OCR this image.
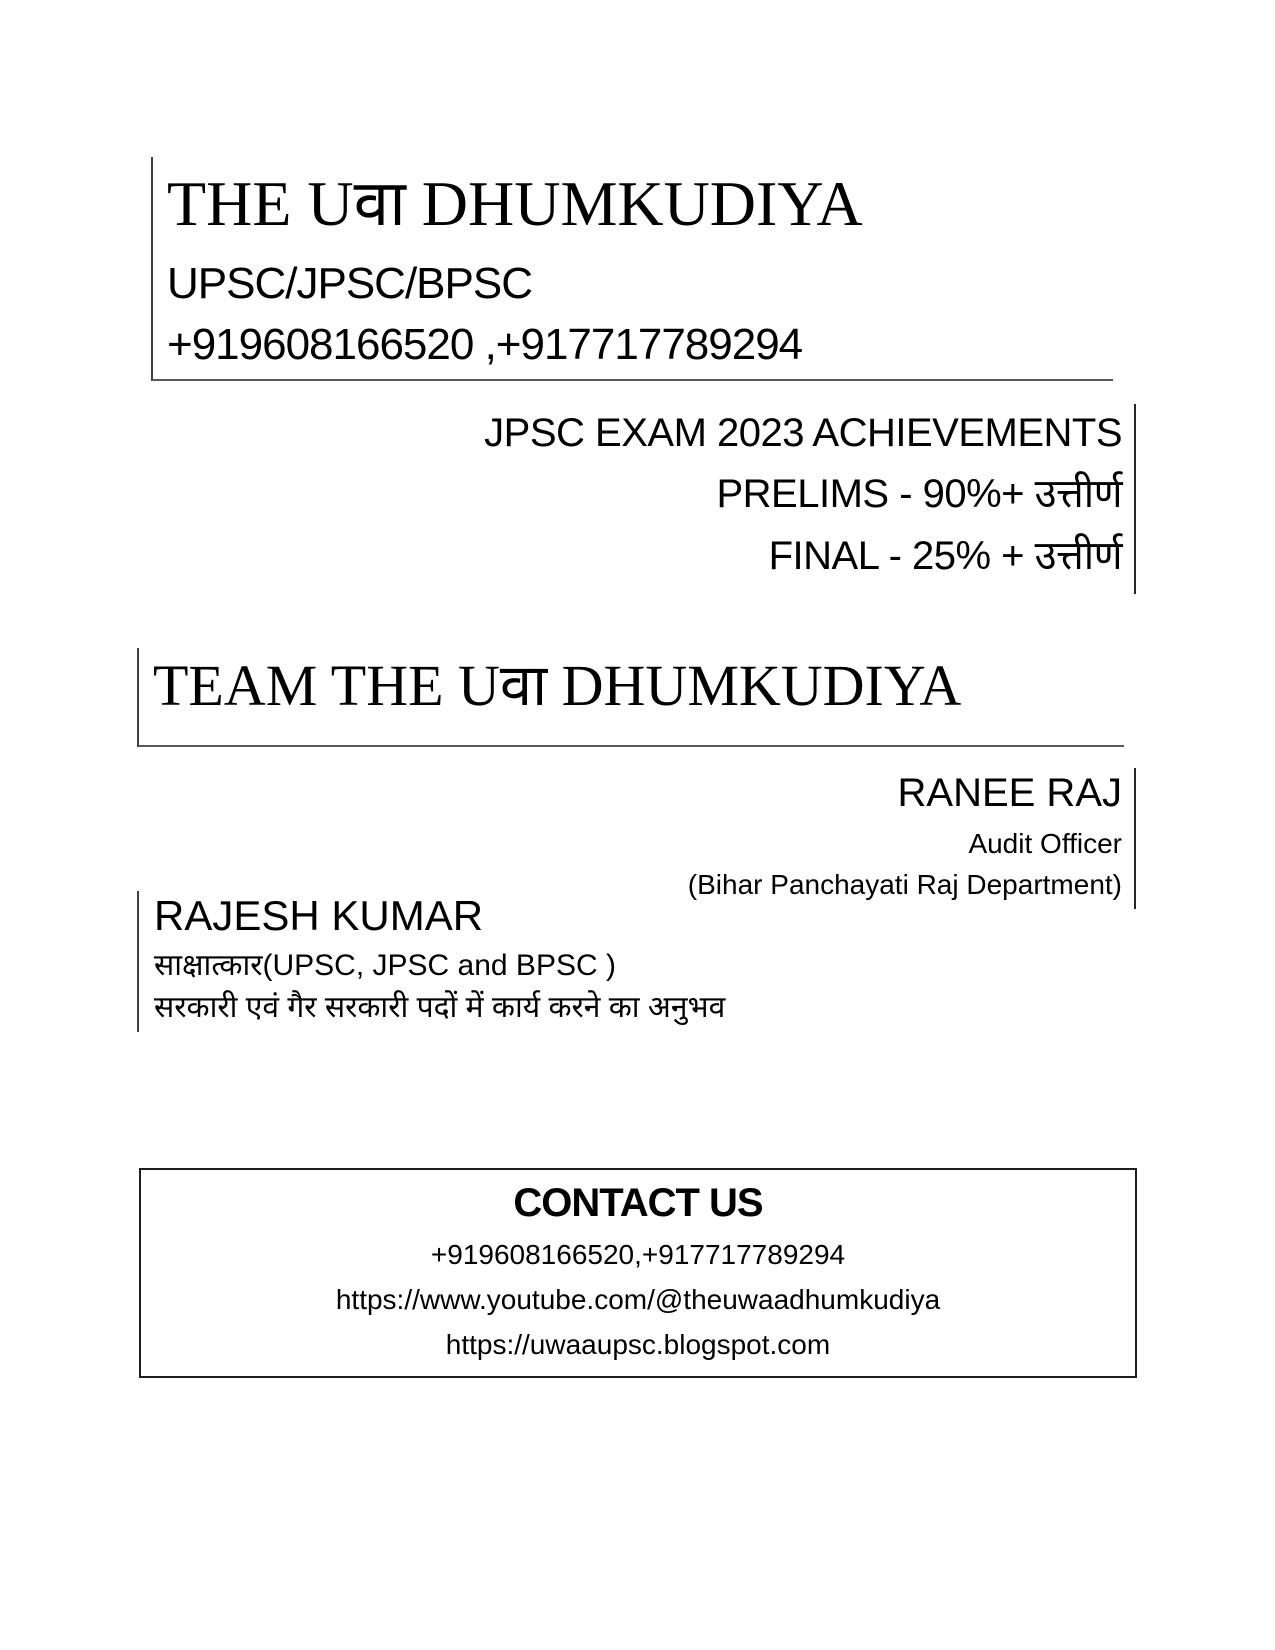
THE Uवा DHUMKUDIYA
UPSC/JPSC/BPSC
+919608166520 ,+917717789294
JPSC EXAM 2023 ACHIEVEMENTS
PRELIMS - 90%+ उत्तीर्ण
FINAL - 25% + उत्तीर्ण
TEAM THE Uवा DHUMKUDIYA
RANEE RAJ
Audit Officer
(Bihar Panchayati Raj Department)
RAJESH KUMAR
साक्षात्कार(UPSC, JPSC and BPSC )
सरकारी एवं गैर सरकारी पदों में कार्य करने का अनुभव
CONTACT US
+919608166520,+917717789294
https://www.youtube.com/@theuwaadhumkudiya
https://uwaaupsc.blogspot.com
